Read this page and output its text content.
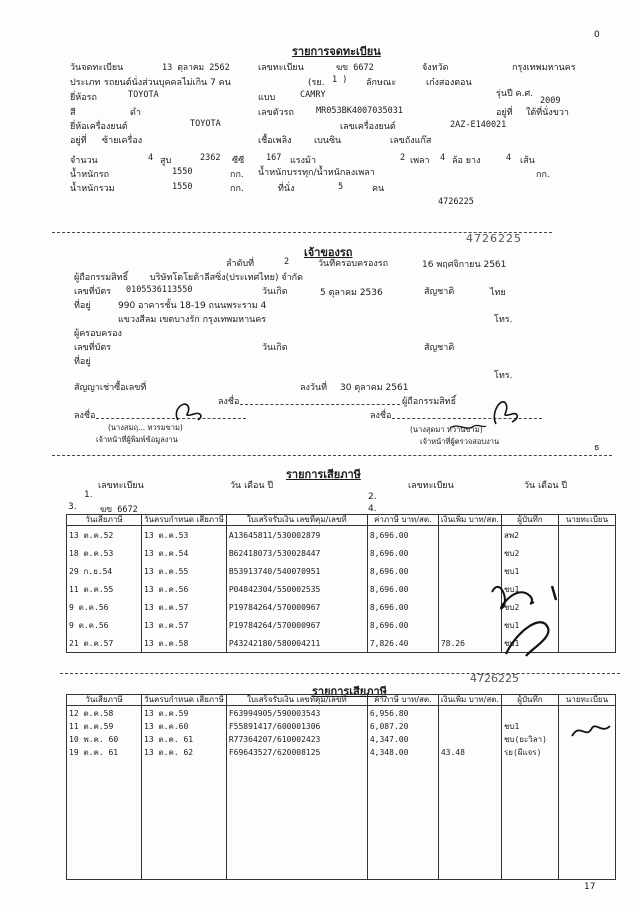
0
17
รายการจดทะเบียน
วันจดทะเบียน	13 ตุลาคม 2562	เลขทะเบียน	ฆข 6672	จังหวัด	กรุงเทพมหานคร
ประเภท รถยนต์นั่งส่วนบุคคลไม่เกิน 7 คน	(รย. 1 ) ลักษณะ	เก๋งสองตอน
ยี่ห้อรถ	TOYOTA	แบบ	CAMRY	รุ่นปี ค.ศ.
2009
สี	ดำ	เลขตัวรถ	MR053BK4007035031	อยู่ที่ ใต้ที่นั่งขวา
ยี่ห้อเครื่องยนต์	TOYOTA	เลขเครื่องยนต์	2AZ-E140021
อยู่ที่ ซ้ายเครื่อง	เชื้อเพลิง เบนซิน	เลขถังแก๊ส
จำนวน	4 สูบ	2362 ซีซี	167 แรงม้า	2 เพลา 4 ล้อ ยาง	4 เส้น
น้ำหนักรถ	1550	กก. น้ำหนักบรรทุก/น้ำหนักลงเพลา	กก.
น้ำหนักรวม	1550	กก.	ที่นั่ง	5	คน
4726225
4726225
เจ้าของรถ
ลำดับที่	2	วันที่ครอบครองรถ	16 พฤศจิกายน 2561
ผู้ถือกรรมสิทธิ์ บริษัทโตโยต้าลีสซิ่ง(ประเทศไทย) จำกัด
เลขที่บัตร 0105536113550	วันเกิด	5 ตุลาคม 2536	สัญชาติ	ไทย
ที่อยู่	990 อาคารชั้น 18-19 ถนนพระราม 4
แขวงสีลม เขตบางรัก กรุงเทพมหานคร	โทร.
ผู้ครอบครอง
เลขที่บัตร	วันเกิด	สัญชาติ
ที่อยู่
โทร.
สัญญาเช่าซื้อเลขที่	ลงวันที่ 30 ตุลาคม 2561
ลงชื่อ	ผู้ถือกรรมสิทธิ์
ลงชื่อ	ลงชื่อ
(นางสมฤ... หวรมขาม)
เจ้าหน้าที่ผู้พิมพ์ข้อมูลงาน
(นางสุดมา หวานขาม)
เจ้าหน้าที่ผู้ตรวจสอบงาน
ธ
รายการเสียภาษี
เลขทะเบียน	วัน เดือน ปี	เลขทะเบียน	วัน เดือน ปี
1.	2.
3.	ฆข 6672	4.
วันเสียภาษี	วันครบกำหนด เสียภาษี	ใบเสร็จรับเงิน เลขที่คุม/เลขที่	ค่าภาษี บาท/สต.	เงินเพิ่ม บาท/สต.	ผู้บันทึก	นายทะเบียน
13 ต.ค.52	13 ต.ค.53	A13645811/530002879	8,696.00		สพ2	
18 ต.ค.53	13 ต.ค.54	B62418073/530028447	8,696.00		ชบ2	
29 ก.ย.54	13 ต.ค.55	B53913740/540070951	8,696.00		ชบ1	
11 ต.ค.55	13 ต.ค.56	P04842304/550002535	8,696.00		ชบ1	
9 ต.ค.56	13 ต.ค.57	P19784264/570000967	8,696.00		ชบ2	
9 ต.ค.56	13 ต.ค.57	P19784264/570000967	8,696.00		ชบ1	
21 ต.ค.57	13 ต.ค.58	P43242180/580004211	7,826.40	78.26	ชบ1	
4726225
รายการเสียภาษี
วันเสียภาษี	วันครบกำหนด เสียภาษี	ใบเสร็จรับเงิน เลขที่คุม/เลขที่	ค่าภาษี บาท/สต.	เงินเพิ่ม บาท/สต.	ผู้บันทึก	นายทะเบียน
12 ต.ค.58	13 ต.ค.59	F63994905/590003543	6,956.80			
11 ต.ค.59	13 ต.ค.60	F55891417/600001306	6,087.20		ชบ1	
10 พ.ค. 60	13 ต.ค. 61	R77364207/610002423	4,347.00		ชบ(ยะวิลา)	
19 ต.ค. 61	13 ต.ค. 62	F69643527/620008125	4,348.00	43.48	รย(ผีแจร)	
